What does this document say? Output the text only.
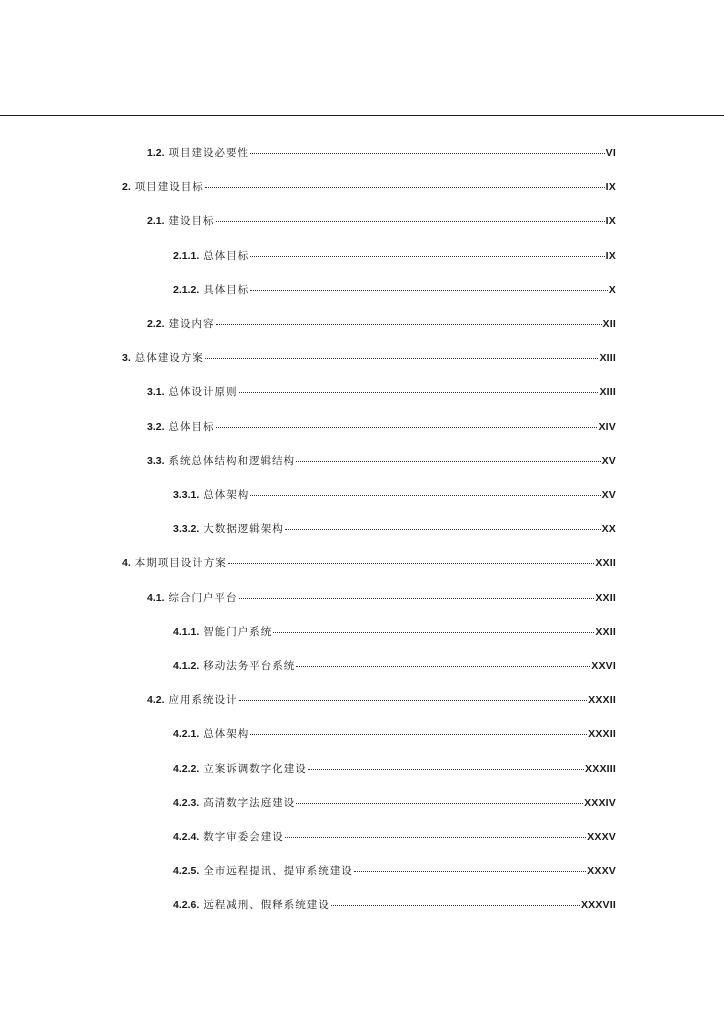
1.2. 项目建设必要性	VI
2. 项目建设目标	IX
2.1. 建设目标	IX
2.1.1. 总体目标	IX
2.1.2. 具体目标	X
2.2. 建设内容	XII
3. 总体建设方案	XIII
3.1. 总体设计原则	XIII
3.2. 总体目标	XIV
3.3. 系统总体结构和逻辑结构	XV
3.3.1. 总体架构	XV
3.3.2. 大数据逻辑架构	XX
4. 本期项目设计方案	XXII
4.1. 综合门户平台	XXII
4.1.1. 智能门户系统	XXII
4.1.2. 移动法务平台系统	XXVI
4.2. 应用系统设计	XXXII
4.2.1. 总体架构	XXXII
4.2.2. 立案诉调数字化建设	XXXIII
4.2.3. 高清数字法庭建设	XXXIV
4.2.4. 数字审委会建设	XXXV
4.2.5. 全市远程提讯、提审系统建设	XXXV
4.2.6. 远程减刑、假释系统建设	XXXVII
